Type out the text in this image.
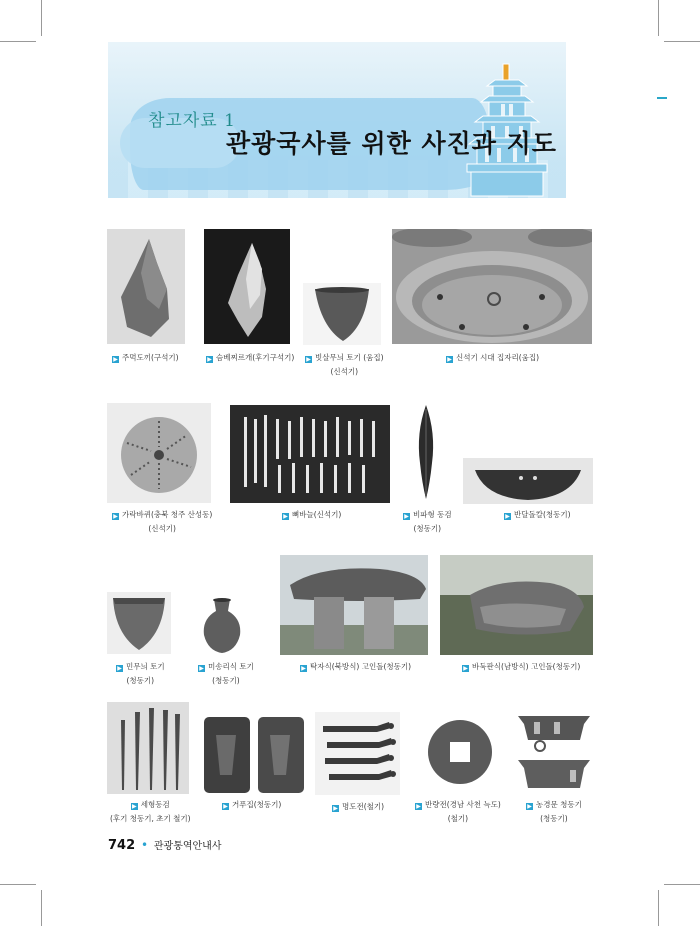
참고자료 1
관광국사를 위한 사진과 지도
▶ 주먹도끼(구석기)	▶ 슴베찌르개(후기구석기) ▶ 빗살무늬 토기 (움집)
(신석기)
▶ 신석기 시대 집자리(움집)
▶ 가락바퀴(충북 청주 산성동)
(신석기)
▶ 뼈바늘(신석기)	▶ 비파형 동검
(청동기)
▶ 반달돌칼(청동기)
▶ 민무늬 토기
(청동기)
▶ 미송리식 토기
(청동기)
▶ 탁자식(북방식) 고인돌(청동기)	▶ 바둑판식(남방식) 고인돌(청동기)
▶ 세형동검
(후기 청동기, 초기 철기)
▶ 거푸집(청동기)	▶ 명도전(철기)	▶ 반량전(경남 사천 늑도)
(철기)
▶ 농경문 청동기
(청동기)
742 • 관광통역안내사
